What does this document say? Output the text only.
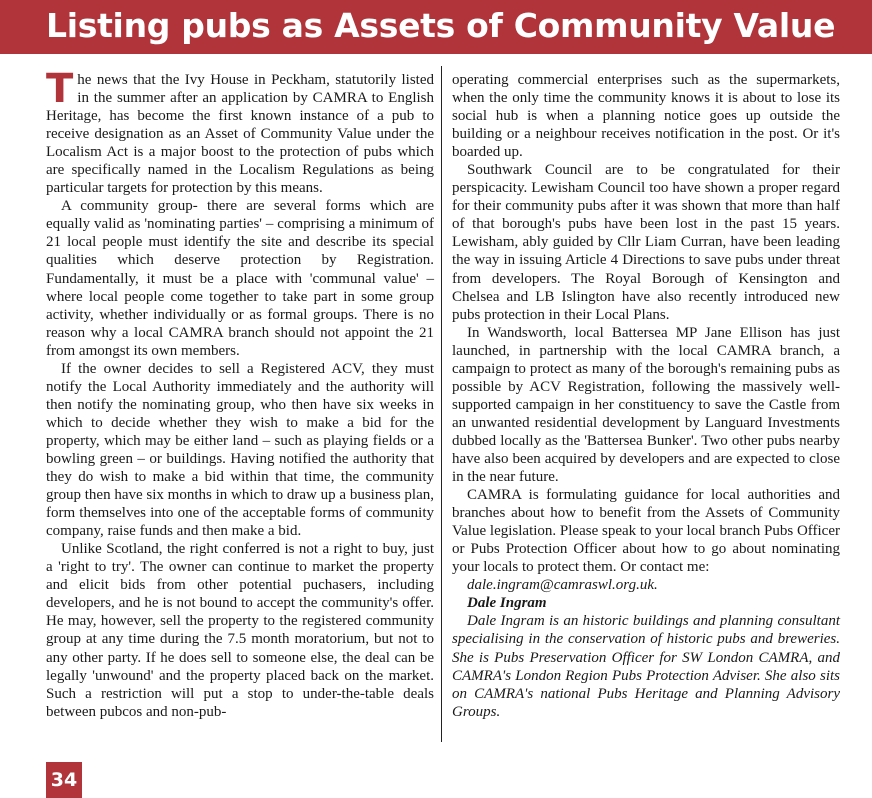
Listing pubs as Assets of Community Value

The news that the Ivy House in Peckham, statutorily listed in the summer after an application by CAMRA to English Heritage, has become the first known instance of a pub to receive designation as an Asset of Community Value under the Localism Act is a major boost to the protection of pubs which are specifically named in the Localism Regulations as being particular targets for protection by this means.

A community group- there are several forms which are equally valid as 'nominating parties' – comprising a minimum of 21 local people must identify the site and describe its special qualities which deserve protection by Registration. Fundamentally, it must be a place with 'communal value' – where local people come together to take part in some group activity, whether individually or as formal groups. There is no reason why a local CAMRA branch should not appoint the 21 from amongst its own members.

If the owner decides to sell a Registered ACV, they must notify the Local Authority immediately and the authority will then notify the nominating group, who then have six weeks in which to decide whether they wish to make a bid for the property, which may be either land – such as playing fields or a bowling green – or buildings. Having notified the authority that they do wish to make a bid within that time, the community group then have six months in which to draw up a business plan, form themselves into one of the acceptable forms of community company, raise funds and then make a bid.

Unlike Scotland, the right conferred is not a right to buy, just a 'right to try'. The owner can continue to market the property and elicit bids from other potential puchasers, including developers, and he is not bound to accept the community's offer. He may, however, sell the property to the registered community group at any time during the 7.5 month moratorium, but not to any other party. If he does sell to someone else, the deal can be legally 'unwound' and the property placed back on the market. Such a restriction will put a stop to under-the-table deals between pubcos and non-pub-

operating commercial enterprises such as the supermarkets, when the only time the community knows it is about to lose its social hub is when a planning notice goes up outside the building or a neighbour receives notification in the post. Or it's boarded up.

Southwark Council are to be congratulated for their perspicacity. Lewisham Council too have shown a proper regard for their community pubs after it was shown that more than half of that borough's pubs have been lost in the past 15 years. Lewisham, ably guided by Cllr Liam Curran, have been leading the way in issuing Article 4 Directions to save pubs under threat from developers. The Royal Borough of Kensington and Chelsea and LB Islington have also recently introduced new pubs protection in their Local Plans.

In Wandsworth, local Battersea MP Jane Ellison has just launched, in partnership with the local CAMRA branch, a campaign to protect as many of the borough's remaining pubs as possible by ACV Registration, following the massively well-supported campaign in her constituency to save the Castle from an unwanted residential development by Languard Investments dubbed locally as the 'Battersea Bunker'. Two other pubs nearby have also been acquired by developers and are expected to close in the near future.

CAMRA is formulating guidance for local authorities and branches about how to benefit from the Assets of Community Value legislation. Please speak to your local branch Pubs Officer or Pubs Protection Officer about how to go about nominating your locals to protect them. Or contact me:

dale.ingram@camraswl.org.uk.

Dale Ingram

Dale Ingram is an historic buildings and planning consultant specialising in the conservation of historic pubs and breweries. She is Pubs Preservation Officer for SW London CAMRA, and CAMRA's London Region Pubs Protection Adviser. She also sits on CAMRA's national Pubs Heritage and Planning Advisory Groups.

34
